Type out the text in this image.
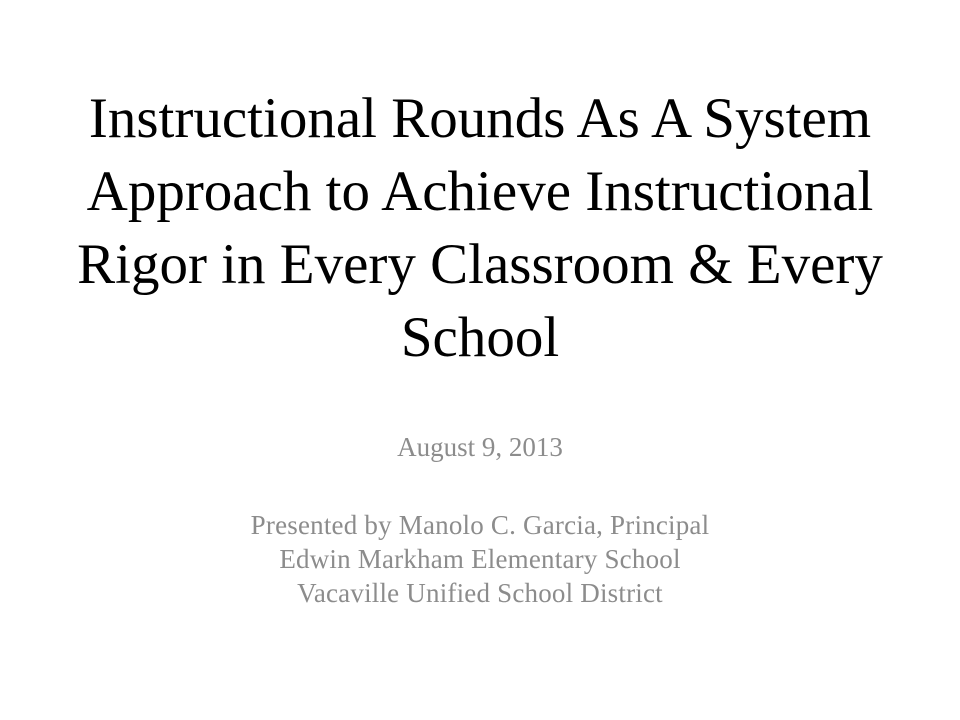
Instructional Rounds As A System
Approach to Achieve Instructional
Rigor in Every Classroom & Every
School
August 9, 2013
Presented by Manolo C. Garcia, Principal
Edwin Markham Elementary School
Vacaville Unified School District
